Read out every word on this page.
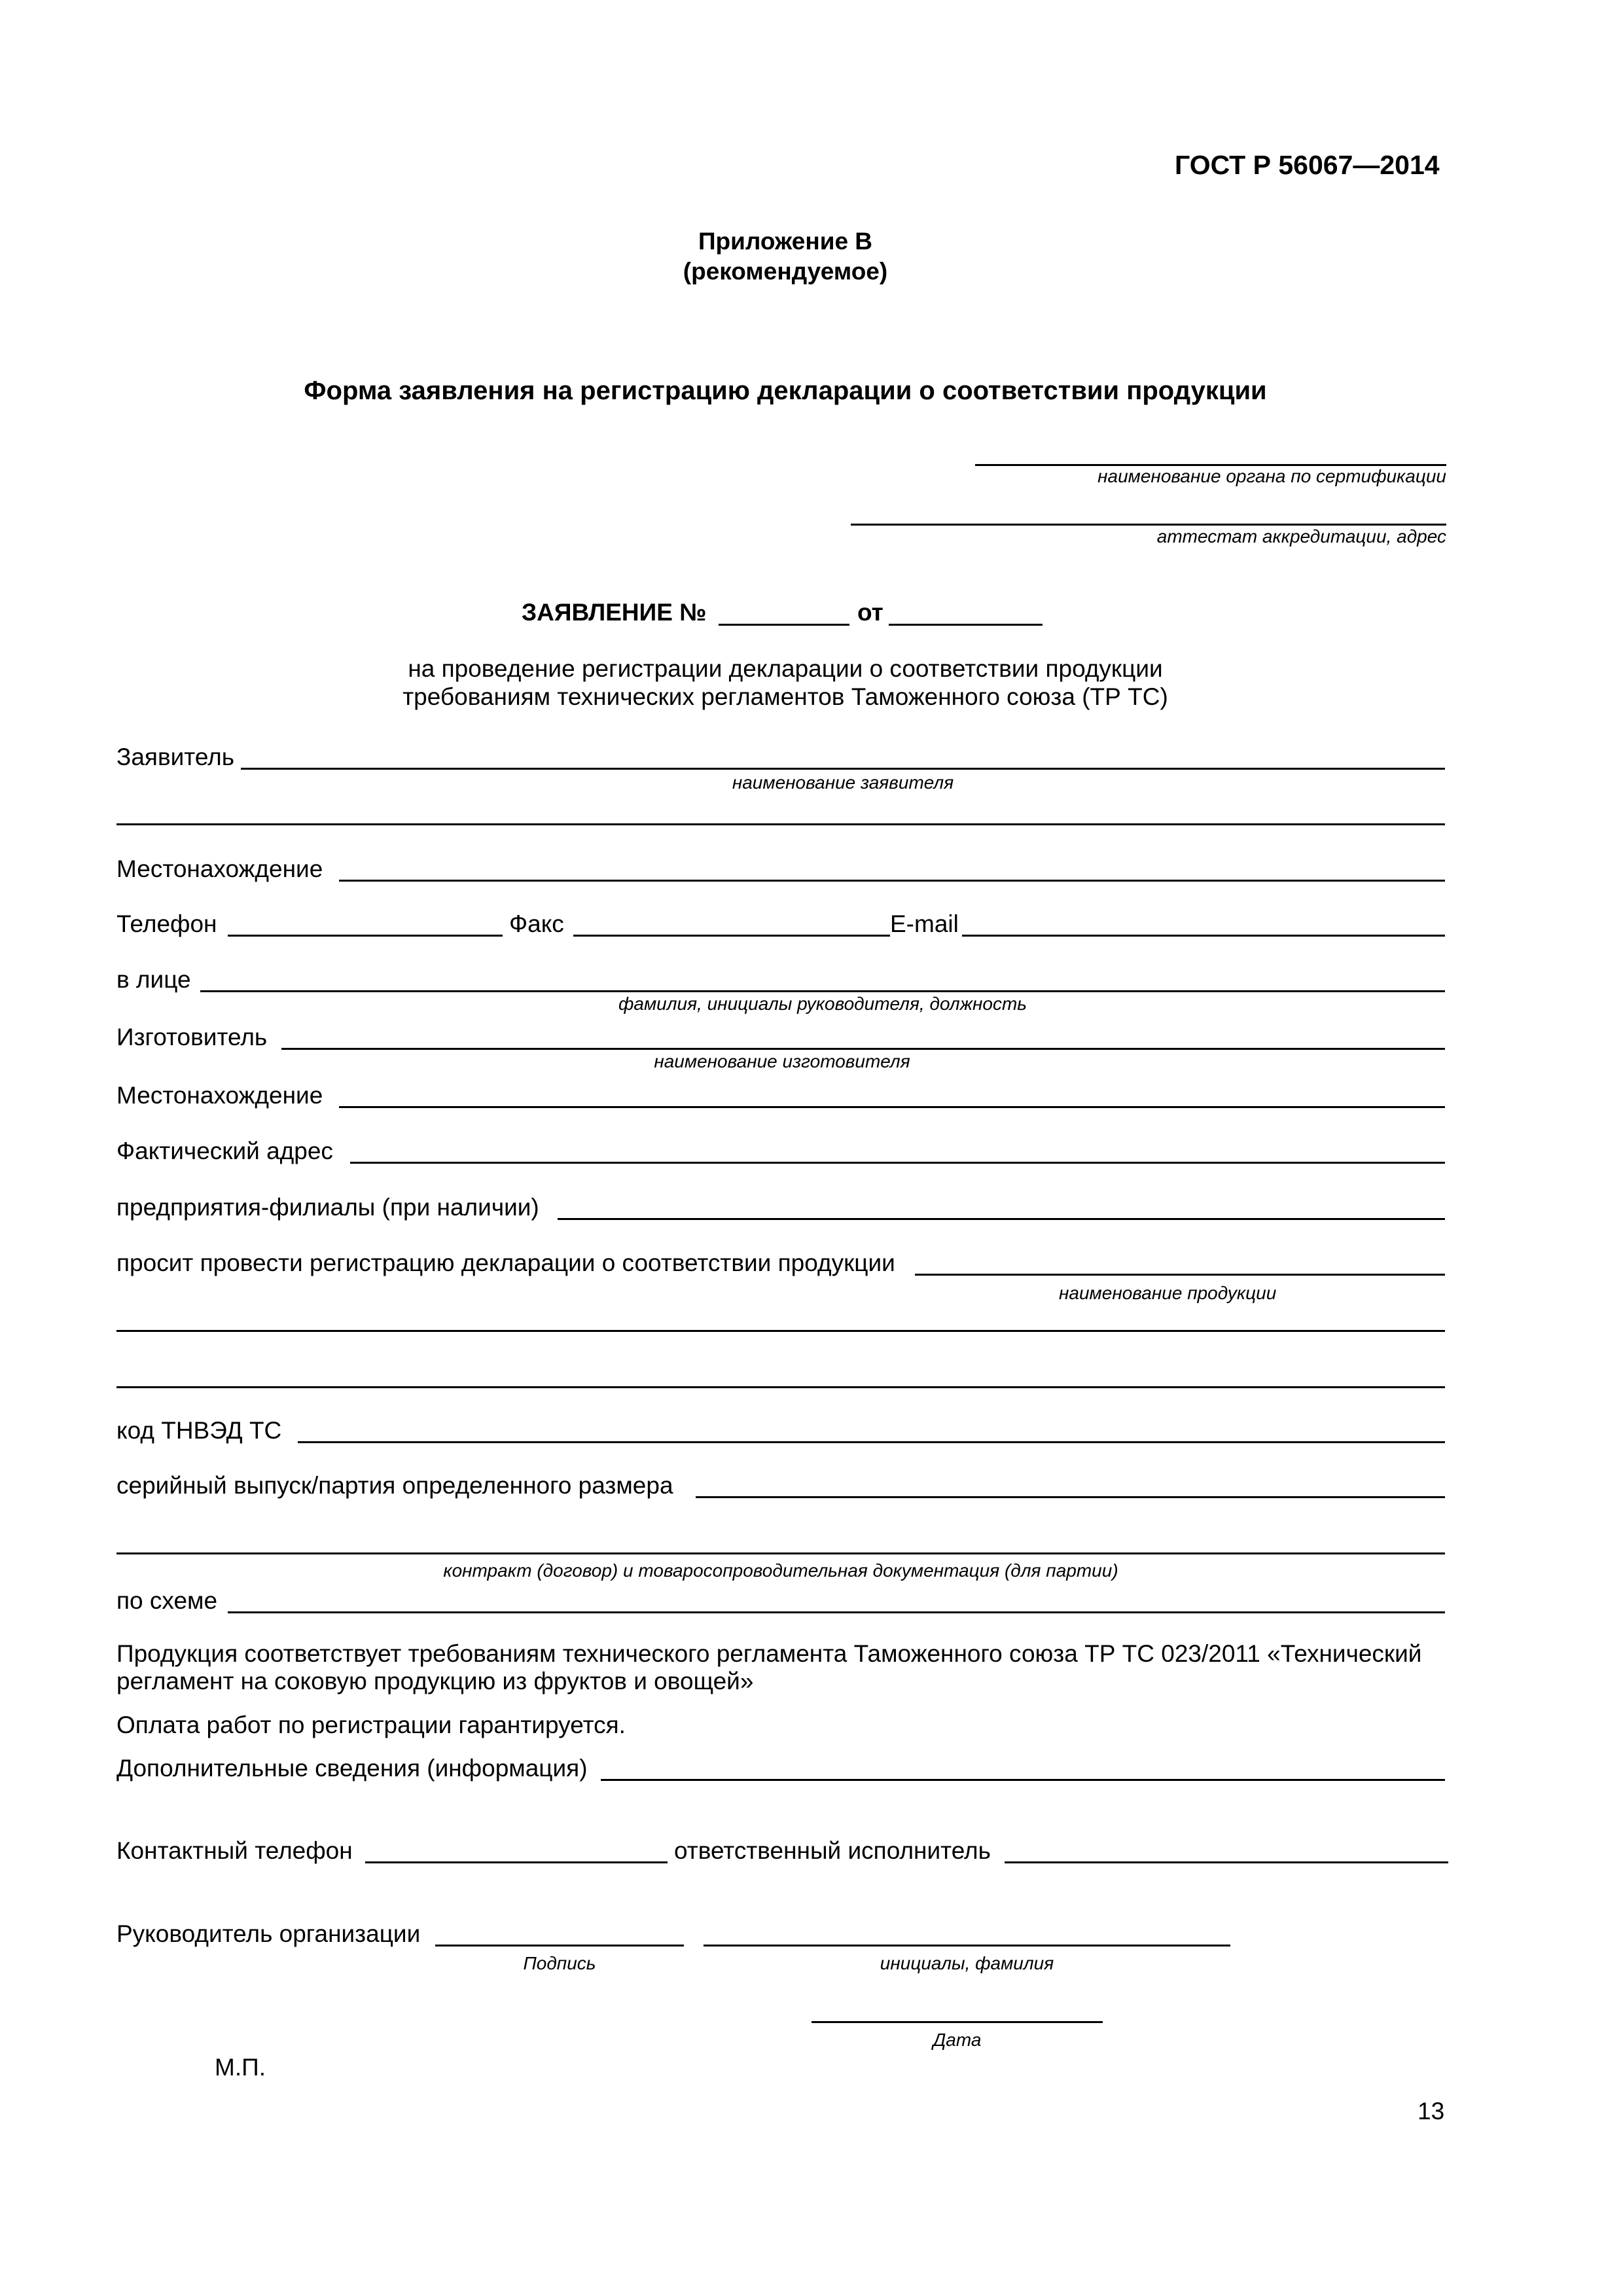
ГОСТ Р 56067—2014
Приложение В
(рекомендуемое)
Форма заявления на регистрацию декларации о соответствии продукции
наименование органа по сертификации
аттестат аккредитации, адрес
ЗАЯВЛЕНИЕ №	от
на проведение регистрации декларации о соответствии продукции
требованиям технических регламентов Таможенного союза (ТР ТС)
Заявитель
наименование заявителя
Местонахождение
Телефон	Факс	E-mail
в лице
фамилия, инициалы руководителя, должность
Изготовитель
наименование изготовителя
Местонахождение
Фактический адрес
предприятия-филиалы (при наличии)
просит провести регистрацию декларации о соответствии продукции
наименование продукции
код ТНВЭД ТС
серийный выпуск/партия определенного размера
контракт (договор) и товаросопроводительная документация (для партии)
по схеме
Продукция соответствует требованиям технического регламента Таможенного союза ТР ТС 023/2011 «Технический
регламент на соковую продукцию из фруктов и овощей»
Оплата работ по регистрации гарантируется.
Дополнительные сведения (информация)
Контактный телефон	ответственный исполнитель
Руководитель организации
Подпись	инициалы, фамилия
Дата
М.П.
13
